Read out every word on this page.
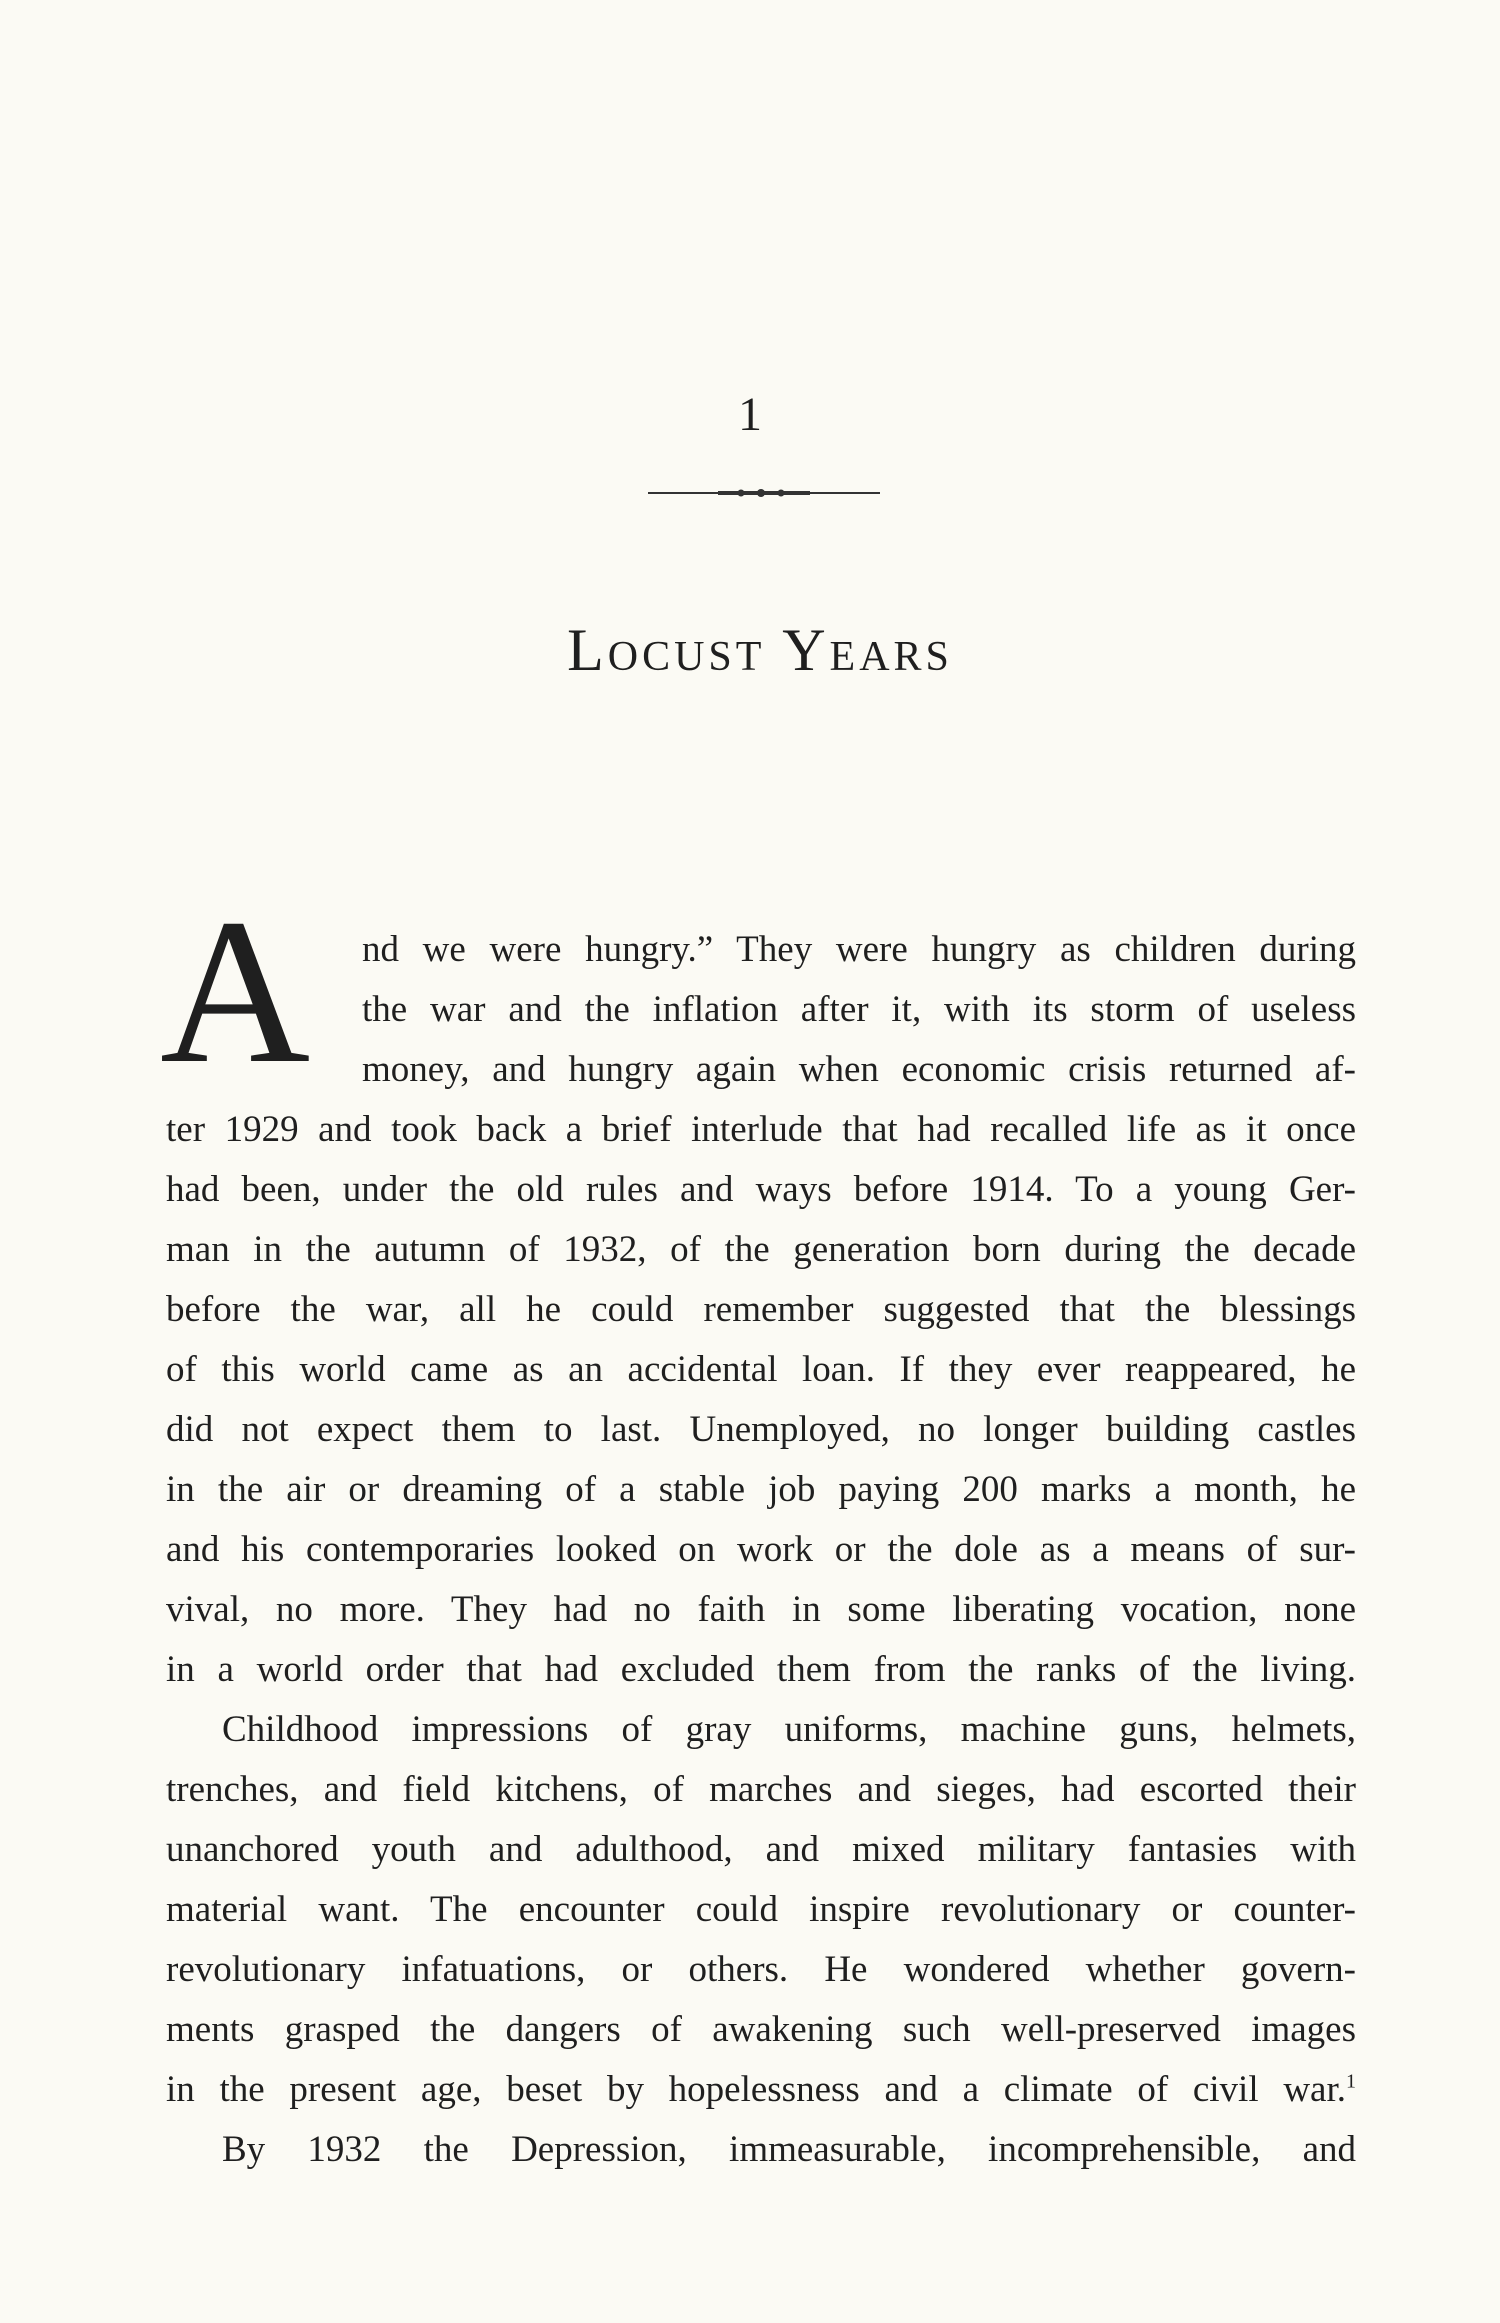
1
Locust Years
A nd we were hungry.” They were hungry as children during
the war and the inflation after it, with its storm of useless
money, and hungry again when economic crisis returned af-
ter 1929 and took back a brief interlude that had recalled life as it once
had been, under the old rules and ways before 1914. To a young Ger-
man in the autumn of 1932, of the generation born during the decade
before the war, all he could remember suggested that the blessings
of this world came as an accidental loan. If they ever reappeared, he
did not expect them to last. Unemployed, no longer building castles
in the air or dreaming of a stable job paying 200 marks a month, he
and his contemporaries looked on work or the dole as a means of sur-
vival, no more. They had no faith in some liberating vocation, none
in a world order that had excluded them from the ranks of the living.
Childhood impressions of gray uniforms, machine guns, helmets,
trenches, and field kitchens, of marches and sieges, had escorted their
unanchored youth and adulthood, and mixed military fantasies with
material want. The encounter could inspire revolutionary or counter-
revolutionary infatuations, or others. He wondered whether govern-
ments grasped the dangers of awakening such well-preserved images
in the present age, beset by hopelessness and a climate of civil war.$^1$
By 1932 the Depression, immeasurable, incomprehensible, and
